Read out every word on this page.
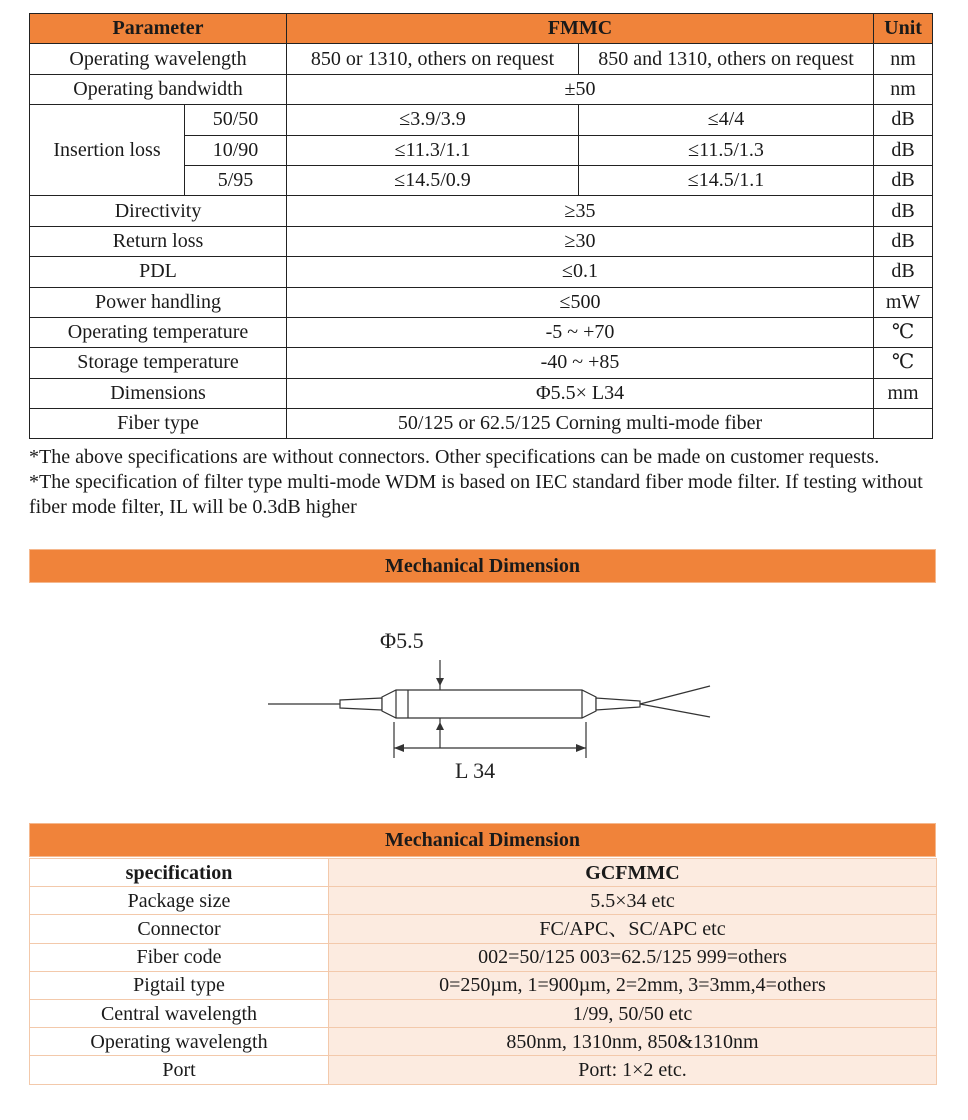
Parameter		FMMC		Unit
Operating wavelength		850 or 1310, others on request	850 and 1310, others on request	nm
Operating bandwidth		±50		nm
Insertion loss	50/50	≤3.9/3.9	≤4/4	dB
	10/90	≤11.3/1.1	≤11.5/1.3	dB
	5/95	≤14.5/0.9	≤14.5/1.1	dB
Directivity		≥35		dB
Return loss		≥30		dB
PDL		≤0.1		dB
Power handling		≤500		mW
Operating temperature		-5 ~ +70		℃
Storage temperature		-40 ~ +85		℃
Dimensions		Φ5.5× L34		mm
Fiber type		50/125 or 62.5/125 Corning multi-mode fiber		

*The above specifications are without connectors. Other specifications can be made on customer requests.

*The specification of filter type multi-mode WDM is based on IEC standard fiber mode filter. If testing without fiber mode filter, IL will be 0.3dB higher

Mechanical Dimension
Φ5.5
L 34
Mechanical Dimension
specification	GCFMMC
Package size	5.5×34 etc
Connector	FC/APC、SC/APC etc
Fiber code	002=50/125 003=62.5/125 999=others
Pigtail type	0=250µm, 1=900µm, 2=2mm, 3=3mm,4=others
Central wavelength	1/99, 50/50 etc
Operating wavelength	850nm, 1310nm, 850&1310nm
Port	Port: 1×2 etc.
